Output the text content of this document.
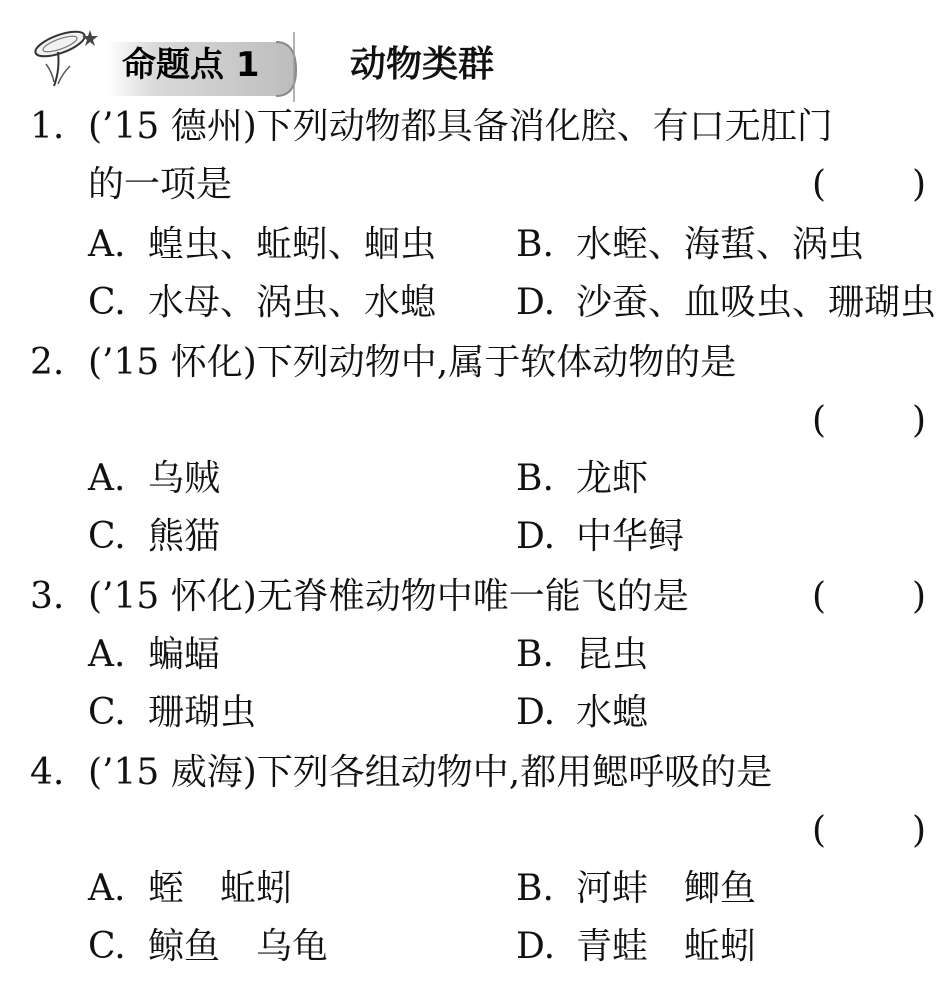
命题点 1	动物类群
1. (’15 德州)下列动物都具备消化腔、有口无肛门
的一项是	( )
A. 蝗虫、蚯蚓、蛔虫 B. 水蛭、海蜇、涡虫
C. 水母、涡虫、水螅 D. 沙蚕、血吸虫、珊瑚虫
2. (’15 怀化)下列动物中,属于软体动物的是
( )
A. 乌贼	B. 龙虾
C. 熊猫	D. 中华鲟
3. (’15 怀化)无脊椎动物中唯一能飞的是	( )
A. 蝙蝠	B. 昆虫
C. 珊瑚虫	D. 水螅
4. (’15 威海)下列各组动物中,都用鳃呼吸的是
( )
A. 蛭　蚯蚓	B. 河蚌　鲫鱼
C. 鲸鱼　乌龟	D. 青蛙　蚯蚓
